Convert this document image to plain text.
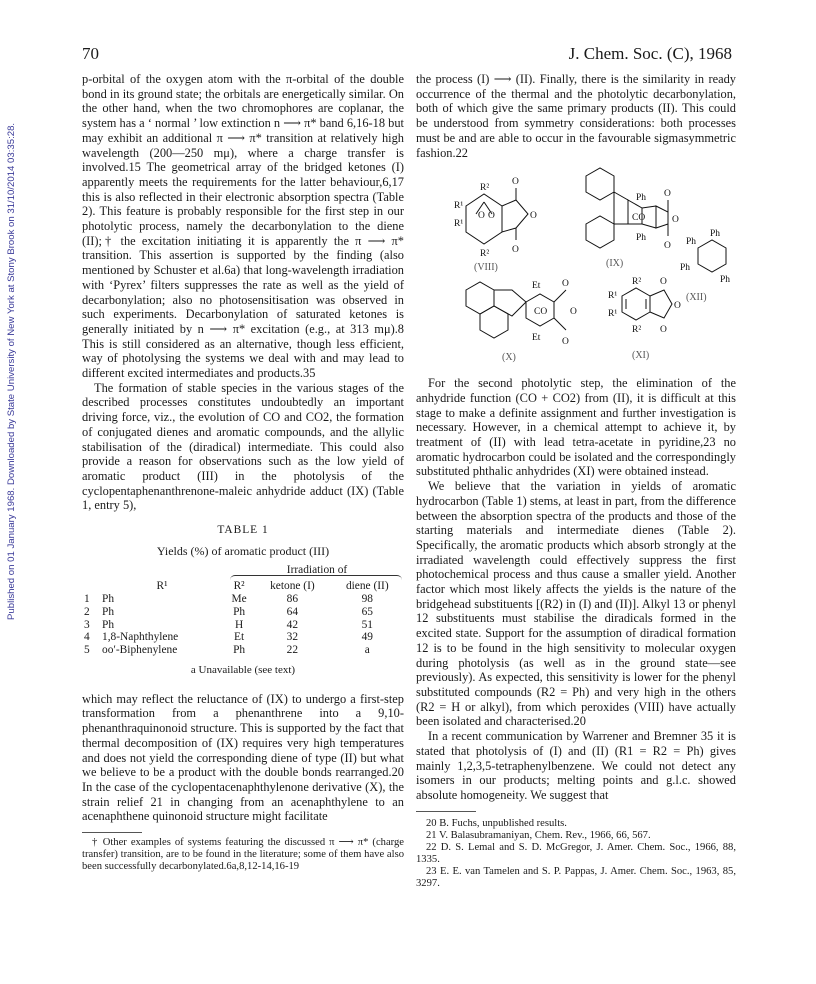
70	J. Chem. Soc. (C), 1968
Published on 01 January 1968. Downloaded by State University of New York at Stony Brook on 31/10/2014 03:35:28.

p-orbital of the oxygen atom with the π-orbital of the double bond in its ground state; the orbitals are energetically similar. On the other hand, when the two chromophores are coplanar, the system has a ‘ normal ’ low extinction n ⟶ π* band 6,16-18 but may exhibit an additional π ⟶ π* transition at relatively high wavelength (200—250 mμ), where a charge transfer is involved.15 The geometrical array of the bridged ketones (I) apparently meets the requirements for the latter behaviour,6,17 this is also reflected in their electronic absorption spectra (Table 2). This feature is probably responsible for the first step in our photolytic process, namely the decarbonylation to the diene (II);† the excitation initiating it is apparently the π ⟶ π* transition. This assertion is supported by the finding (also mentioned by Schuster et al.6a) that long-wavelength irradiation with ‘Pyrex’ filters suppresses the rate as well as the yield of decarbonylation; also no photosensitisation was observed in such experiments. Decarbonylation of saturated ketones is generally initiated by n ⟶ π* excitation (e.g., at 313 mμ).8 This is still considered as an alternative, though less efficient, way of photolysing the systems we deal with and may lead to different excited intermediates and products.35

The formation of stable species in the various stages of the described processes constitutes undoubtedly an important driving force, viz., the evolution of CO and CO2, the formation of conjugated dienes and aromatic compounds, and the allylic stabilisation of the (diradical) intermediate. This could also provide a reason for observations such as the low yield of aromatic product (III) in the photolysis of the cyclopentaphenanthrenone-maleic anhydride adduct (IX) (Table 1, entry 5),

TABLE 1
Yields (%) of aromatic product (III)
Irradiation of
	R¹	R²	ketone (I)	diene (II)
1	Ph	Me	86	98
2	Ph	Ph	64	65
3	Ph	H	42	51
4	1,8-Naphthylene	Et	32	49
5	oo′-Biphenylene	Ph	22	a
a Unavailable (see text)

which may reflect the reluctance of (IX) to undergo a first-step transformation from a phenanthrene into a 9,10-phenanthraquinonoid structure. This is supported by the fact that thermal decomposition of (IX) requires very high temperatures and does not yield the corresponding diene of type (II) but what we believe to be a product with the double bonds rearranged.20 In the case of the cyclopentacenaphthylenone derivative (X), the strain relief 21 in changing from an acenaphthylene to an acenaphthene quinonoid structure might facilitate

† Other examples of systems featuring the discussed π ⟶ π* (charge transfer) transition, are to be found in the literature; some of them have also been successfully decarbonylated.6a,8,12-14,16-19

the process (I) ⟶ (II). Finally, there is the similarity in ready occurrence of the thermal and the photolytic decarbonylation, both of which give the same primary products (II). This could be understood from symmetry considerations: both processes must be and are able to occur in the favourable sigmasymmetric fashion.22

R¹
R¹
R²
R²
O O
O
O
O
(VIII)
Ph
Ph
CO
O
O
O
(IX)
Ph
Ph
Ph
Ph
(XII)
Et
Et
CO
O
O
O
(X)
R²
R²
R¹
R¹
O
O
O
(XI)

For the second photolytic step, the elimination of the anhydride function (CO + CO2) from (II), it is difficult at this stage to make a definite assignment and further investigation is necessary. However, in a chemical attempt to achieve it, by treatment of (II) with lead tetra-acetate in pyridine,23 no aromatic hydrocarbon could be isolated and the correspondingly substituted phthalic anhydrides (XI) were obtained instead.

We believe that the variation in yields of aromatic hydrocarbon (Table 1) stems, at least in part, from the difference between the absorption spectra of the products and those of the starting materials and intermediate dienes (Table 2). Specifically, the aromatic products which absorb strongly at the irradiated wavelength could effectively suppress the first photochemical process and thus cause a smaller yield. Another factor which most likely affects the yields is the nature of the bridgehead substituents [(R2) in (I) and (II)]. Alkyl 13 or phenyl 12 substituents must stabilise the diradicals formed in the excited state. Support for the assumption of diradical formation 12 is to be found in the high sensitivity to molecular oxygen during photolysis (as well as in the ground state—see previously). As expected, this sensitivity is lower for the phenyl substituted compounds (R2 = Ph) and very high in the others (R2 = H or alkyl), from which peroxides (VIII) have actually been isolated and characterised.20

In a recent communication by Warrener and Bremner 35 it is stated that photolysis of (I) and (II) (R1 = R2 = Ph) gives mainly 1,2,3,5-tetraphenylbenzene. We could not detect any isomers in our products; melting points and g.l.c. showed absolute homogeneity. We suggest that

20 B. Fuchs, unpublished results.
21 V. Balasubramaniyan, Chem. Rev., 1966, 66, 567.
22 D. S. Lemal and S. D. McGregor, J. Amer. Chem. Soc., 1966, 88, 1335.
23 E. E. van Tamelen and S. P. Pappas, J. Amer. Chem. Soc., 1963, 85, 3297.
